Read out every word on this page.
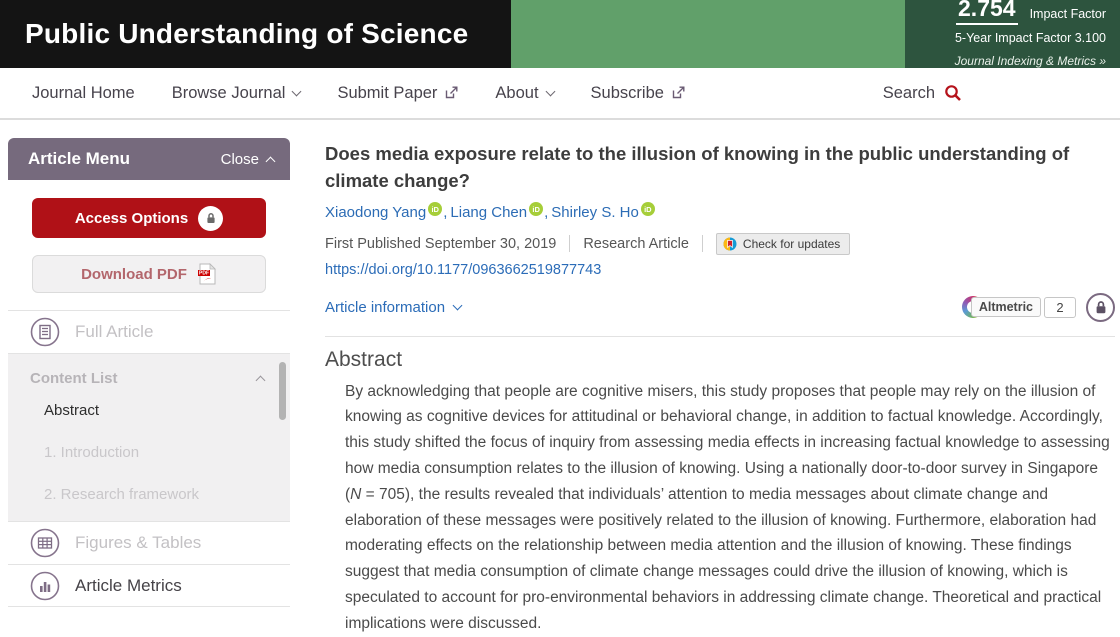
Public Understanding of Science
2.754 Impact Factor
5-Year Impact Factor 3.100
Journal Indexing & Metrics »
Journal Home Browse Journal	Submit Paper	About	Subscribe	Search
Article Menu	Close
Access Options
Download PDF PDF
Full Article
Content List
Abstract
1. Introduction
2. Research framework
Figures & Tables
Article Metrics
Does media exposure relate to the illusion of knowing in the public understanding of climate change?
Xiaodong Yang iD , Liang Chen iD , Shirley S. Ho iD
First Published September 30, 2019 Research Article	Check for updates
https://doi.org/10.1177/0963662519877743
Article information	Altmetric	2
Abstract

By acknowledging that people are cognitive misers, this study proposes that people may rely on the illusion of knowing as cognitive devices for attitudinal or behavioral change, in addition to factual knowledge. Accordingly, this study shifted the focus of inquiry from assessing media effects in increasing factual knowledge to assessing how media consumption relates to the illusion of knowing. Using a nationally door-to-door survey in Singapore (N = 705), the results revealed that individuals’ attention to media messages about climate change and elaboration of these messages were positively related to the illusion of knowing. Furthermore, elaboration had moderating effects on the relationship between media attention and the illusion of knowing. These findings suggest that media consumption of climate change messages could drive the illusion of knowing, which is speculated to account for pro-environmental behaviors in addressing climate change. Theoretical and practical implications were discussed.
